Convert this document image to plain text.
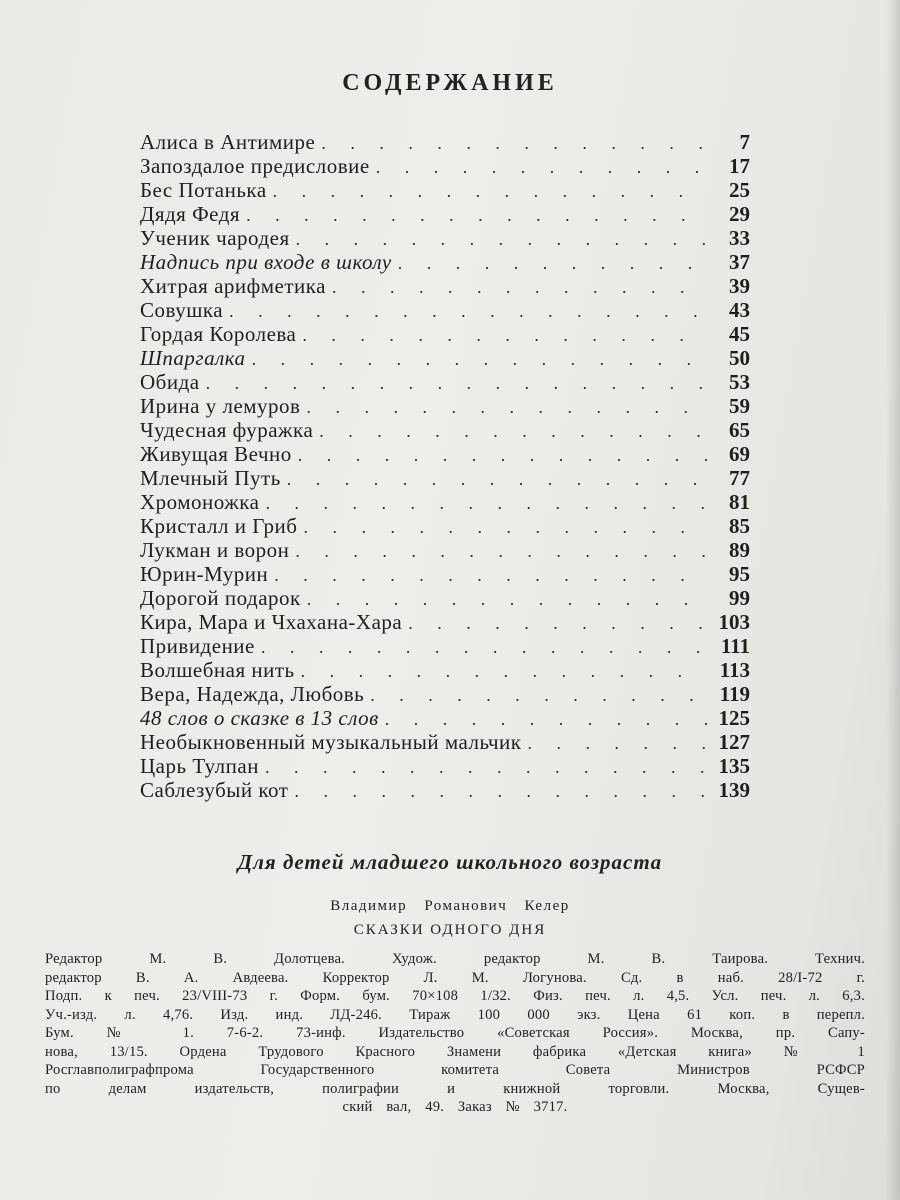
СОДЕРЖАНИЕ
Алиса в Антимире . . .	7
Запоздалое предисловие . . .	17
Бес Потанька . . .	25
Дядя Федя . . .	29
Ученик чародея . . .	33
Надпись при входе в школу . . .	37
Хитрая арифметика . . .	39
Совушка . . .	43
Гордая Королева . . .	45
Шпаргалка . . .	50
Обида . . .	53
Ирина у лемуров . . .	59
Чудесная фуражка . . .	65
Живущая Вечно . . .	69
Млечный Путь . . .	77
Хромоножка . . .	81
Кристалл и Гриб . . .	85
Лукман и ворон . . .	89
Юрин-Мурин . . .	95
Дорогой подарок . . .	99
Кира, Мара и Чхахана-Хара . . .	103
Привидение . . .	111
Волшебная нить . . .	113
Вера, Надежда, Любовь . . .	119
48 слов о сказке в 13 слов . . .	125
Необыкновенный музыкальный мальчик . . .	127
Царь Тулпан . . .	135
Саблезубый кот . . .	139
Для детей младшего школьного возраста
Владимир Романович Келер
СКАЗКИ ОДНОГО ДНЯ
Редактор М. В. Долотцева. Худож. редактор М. В. Таирова. Технич.
редактор В. А. Авдеева. Корректор Л. М. Логунова. Сд. в наб. 28/I-72 г.
Подп. к печ. 23/VIII-73 г. Форм. бум. 70×108 1/32. Физ. печ. л. 4,5. Усл. печ. л. 6,3.
Уч.-изд. л. 4,76. Изд. инд. ЛД-246. Тираж 100 000 экз. Цена 61 коп. в перепл.
Бум. № 1. 7-6-2. 73-инф. Издательство «Советская Россия». Москва, пр. Сапу-
нова, 13/15. Ордена Трудового Красного Знамени фабрика «Детская книга» № 1
Росглавполиграфпрома Государственного комитета Совета Министров РСФСР
по делам издательств, полиграфии и книжной торговли. Москва, Сущев-
ский вал, 49. Заказ № 3717.
